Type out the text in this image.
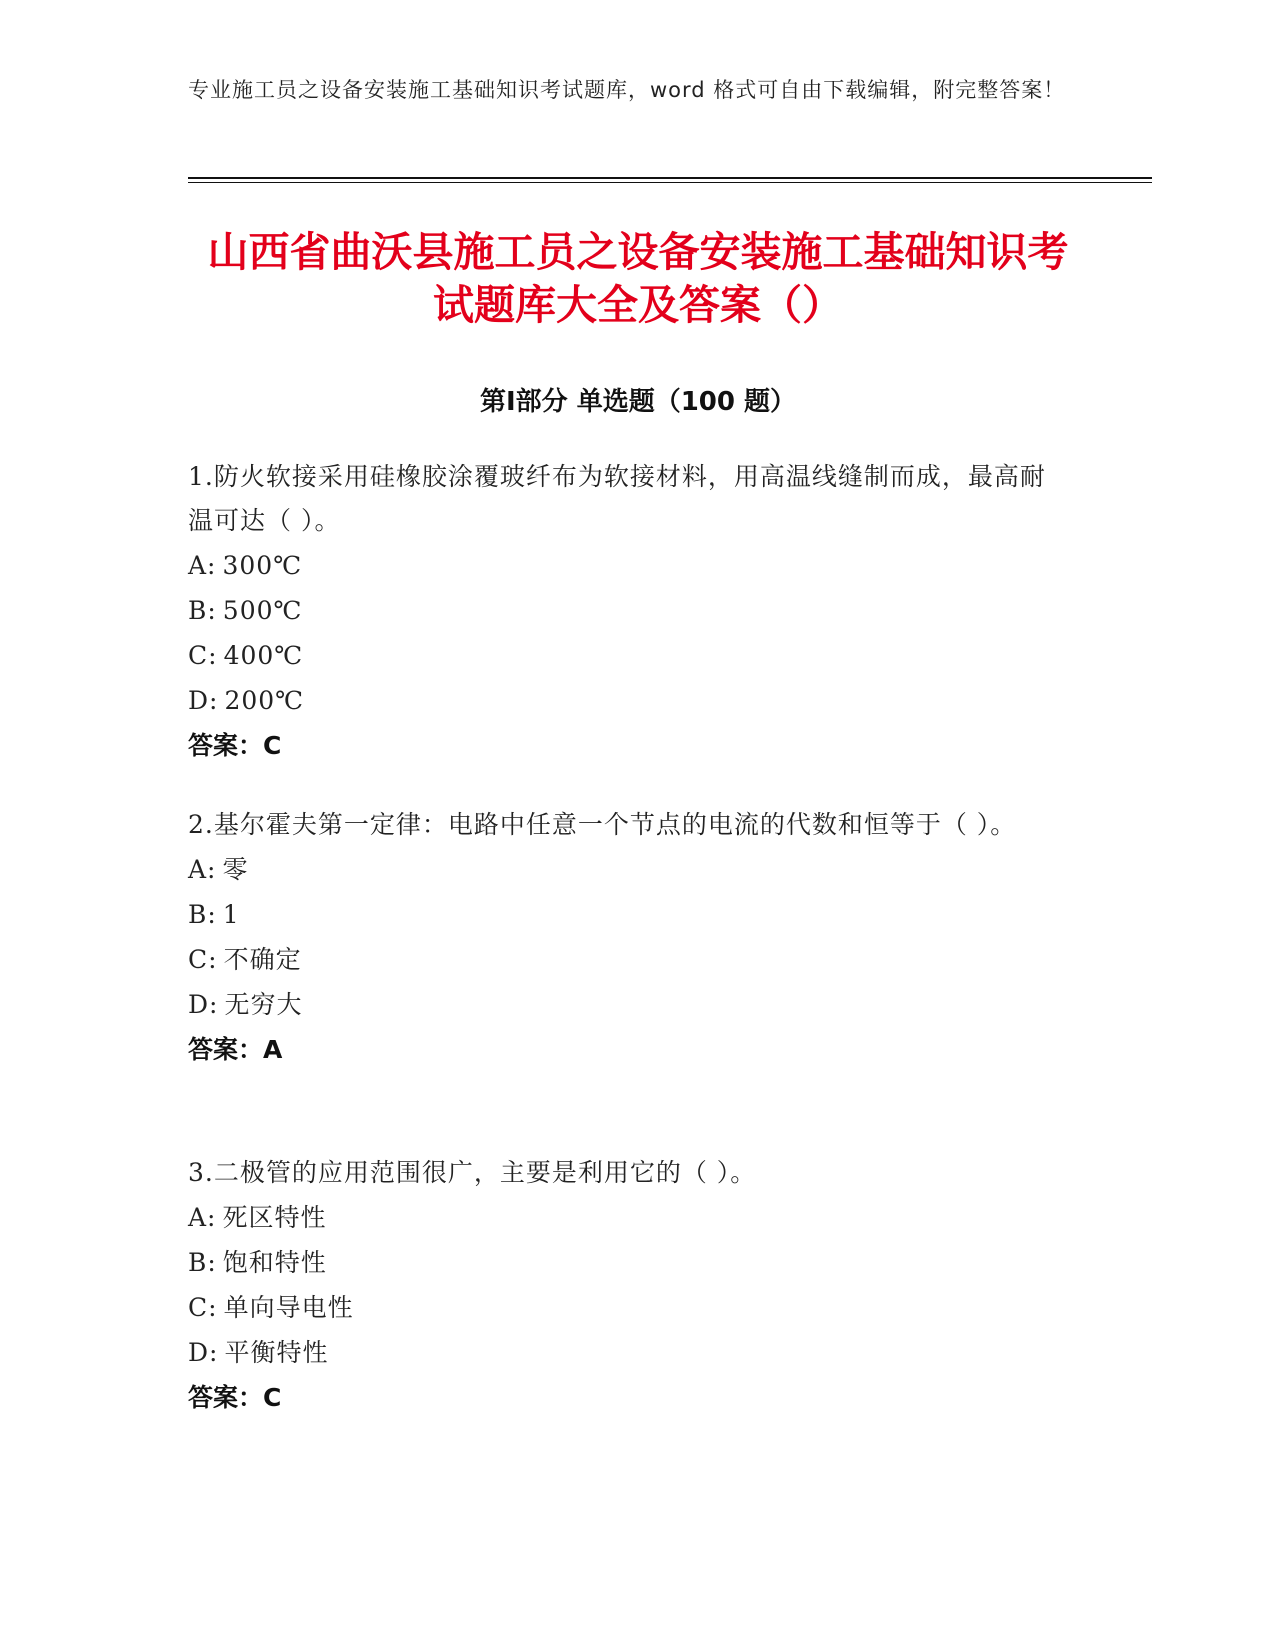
专业施工员之设备安装施工基础知识考试题库，word 格式可自由下载编辑，附完整答案！
山西省曲沃县施工员之设备安装施工基础知识考试题库大全及答案（）
第Ⅰ部分 单选题（100 题）

1.防火软接采用硅橡胶涂覆玻纤布为软接材料，用高温线缝制而成，最高耐温可达（ ）。

A: 300℃
B: 500℃
C: 400℃
D: 200℃
答案：C

2.基尔霍夫第一定律：电路中任意一个节点的电流的代数和恒等于（ ）。

A: 零
B: 1
C: 不确定
D: 无穷大
答案：A

3.二极管的应用范围很广，主要是利用它的（ ）。

A: 死区特性
B: 饱和特性
C: 单向导电性
D: 平衡特性
答案：C
